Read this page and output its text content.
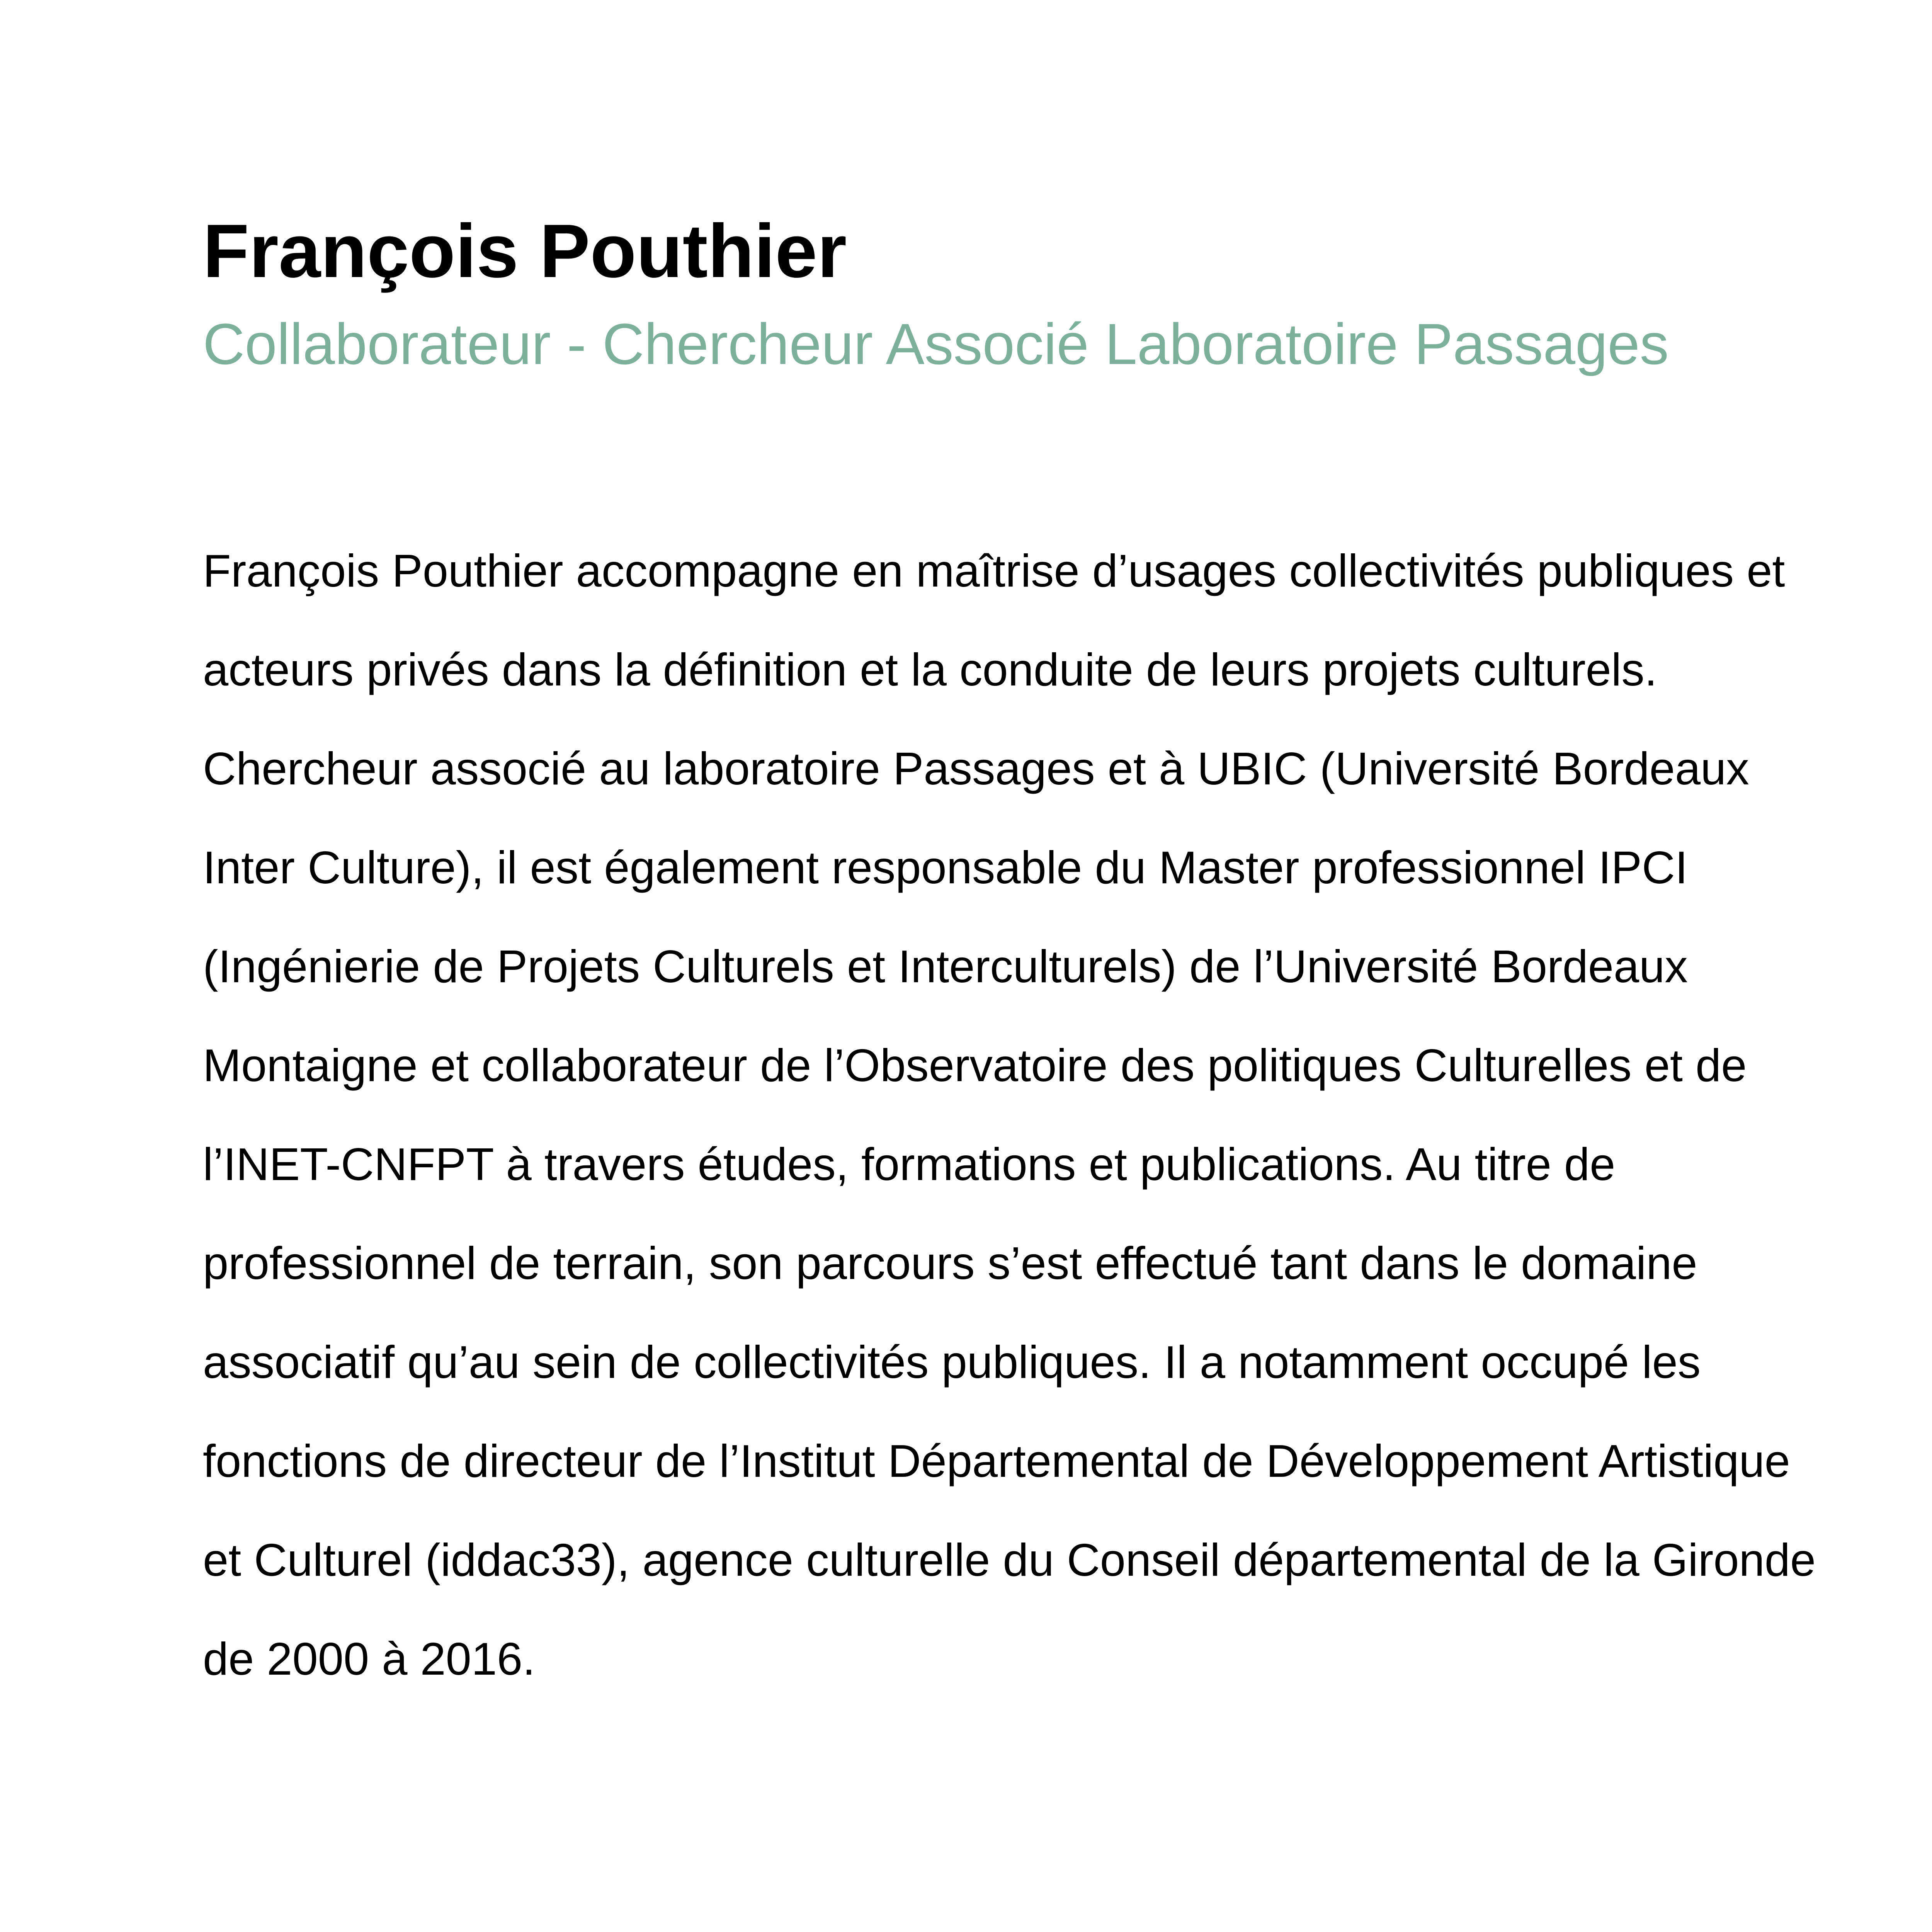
François Pouthier
Collaborateur - Chercheur Associé Laboratoire Passages

François Pouthier accompagne en maîtrise d’usages collectivités publiques et
acteurs privés dans la définition et la conduite de leurs projets culturels.
Chercheur associé au laboratoire Passages et à UBIC (Université Bordeaux
Inter Culture), il est également responsable du Master professionnel IPCI
(Ingénierie de Projets Culturels et Interculturels) de l’Université Bordeaux
Montaigne et collaborateur de l’Observatoire des politiques Culturelles et de
l’INET-CNFPT à travers études, formations et publications. Au titre de
professionnel de terrain, son parcours s’est effectué tant dans le domaine
associatif qu’au sein de collectivités publiques. Il a notamment occupé les
fonctions de directeur de l’Institut Départemental de Développement Artistique
et Culturel (iddac33), agence culturelle du Conseil départemental de la Gironde
de 2000 à 2016.
